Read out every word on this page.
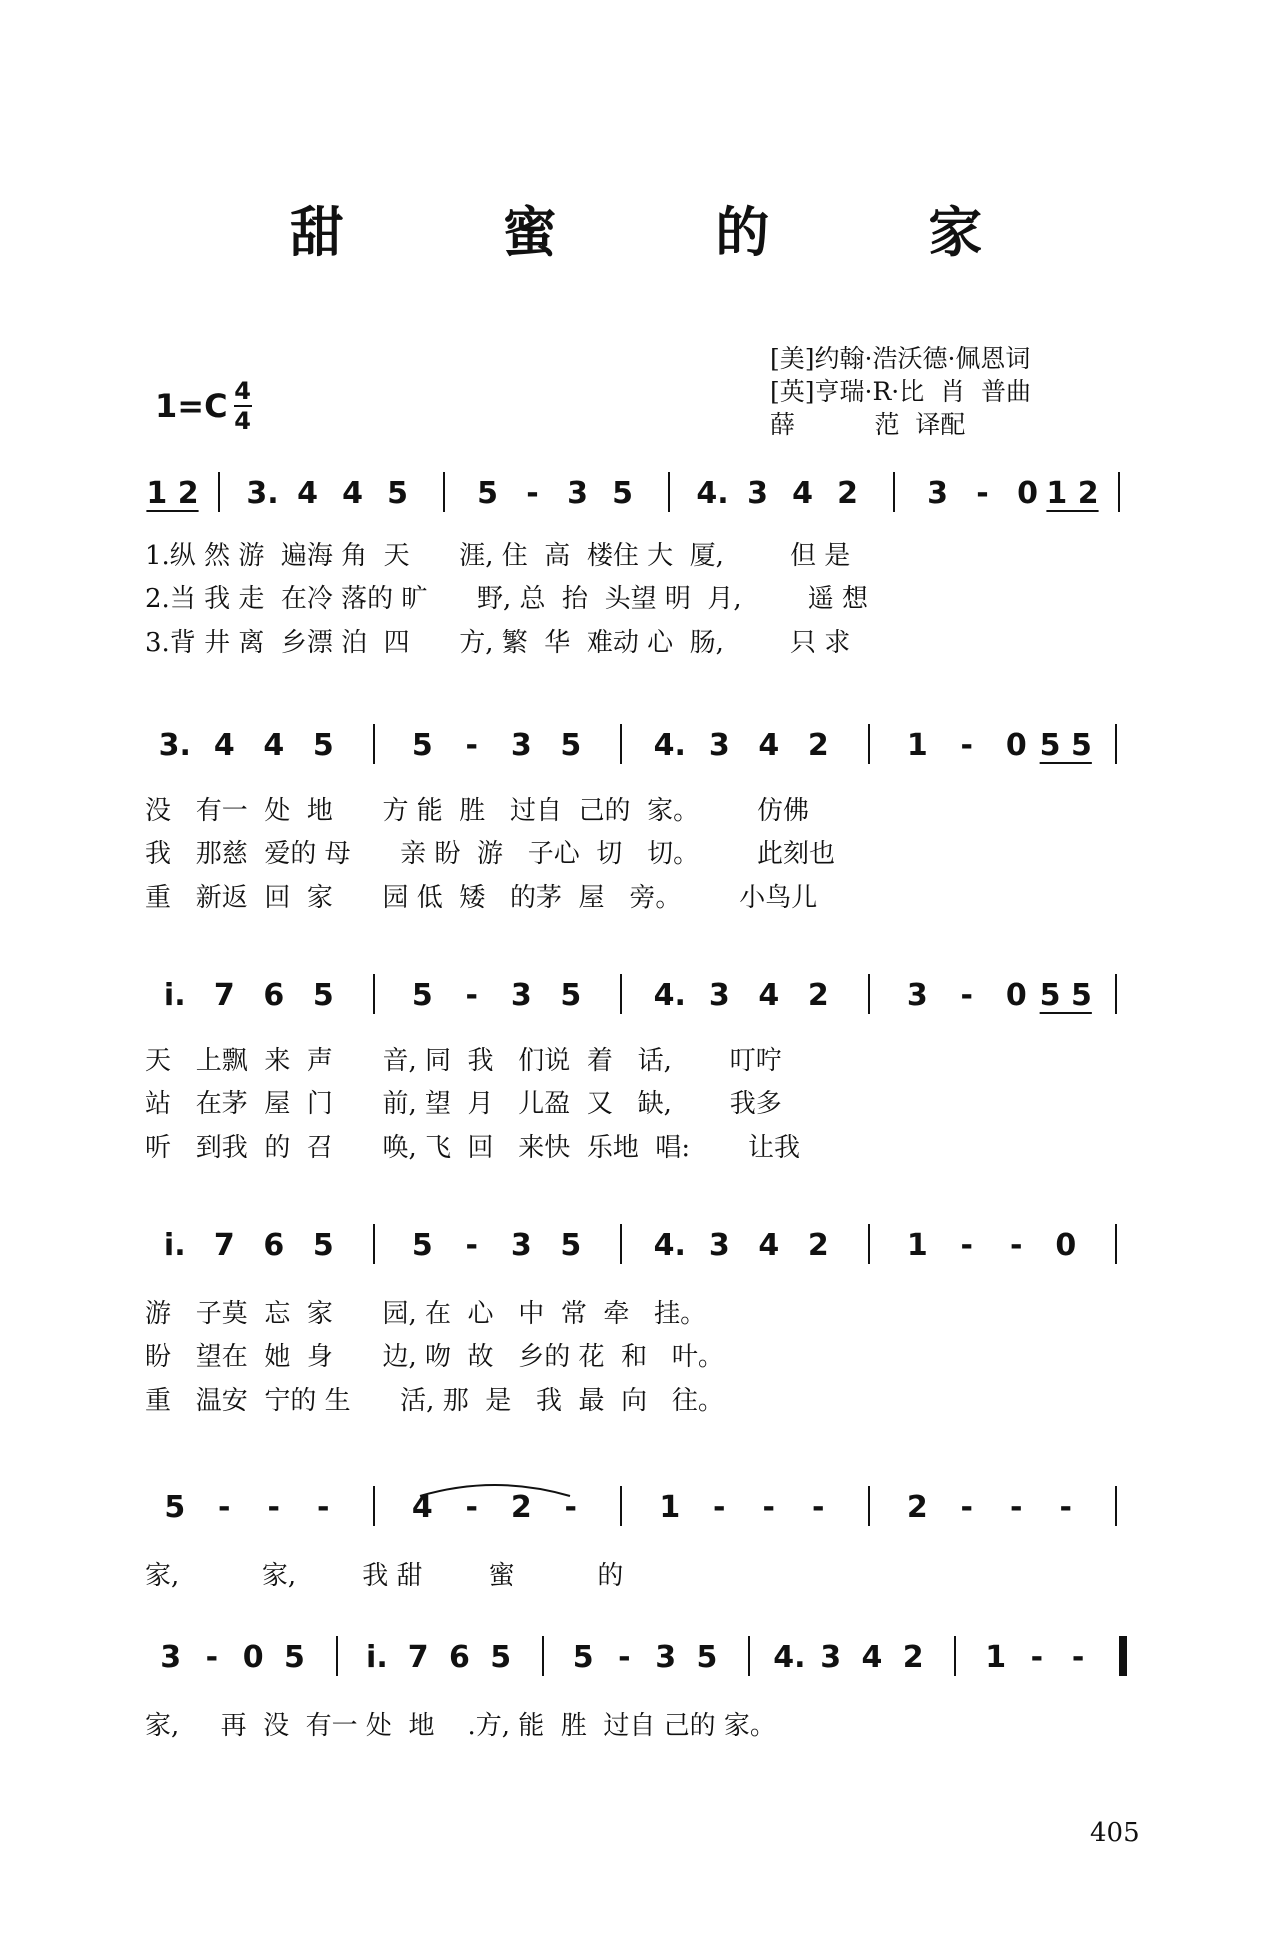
甜 蜜 的 家
$1=C \frac{4}{4}$
[美]约翰·浩沃德·佩恩词
[英]亨瑞·R·比  肖  普曲
薛          范  译配
1 2	3. 4 4 5	5 - 3 5	4. 3 4 2	3 - 0 1 2
1.纵 然 游  遍海 角  天      涯, 住  高  楼住 大  厦,        但 是
2.当 我 走  在冷 落的 旷      野, 总  抬  头望 明  月,        遥 想
3.背 井 离  乡漂 泊  四      方, 繁  华  难动 心  肠,        只 求
3. 4 4 5	5	-	3 5	4. 3 4 2	1	-	0 5 5
没   有一  处  地      方 能  胜   过自  己的  家。       仿佛
我   那慈  爱的 母      亲 盼  游   子心  切   切。       此刻也
重   新返  回  家      园 低  矮   的茅  屋   旁。       小鸟儿
i. 7 6 5	5	-	3 5	4. 3 4 2	3	-	0 5 5
天   上飘  来  声      音, 同  我   们说  着   话,       叮咛
站   在茅  屋  门      前, 望  月   儿盈  又   缺,       我多
听   到我  的  召      唤, 飞  回   来快  乐地  唱:       让我
i. 7 6 5	5	-	3 5	4. 3 4 2	1	-	-	0
游   子莫  忘  家      园, 在  心   中  常  牵   挂。
盼   望在  她  身      边, 吻  故   乡的 花  和   叶。
重   温安  宁的 生      活, 那  是   我  最  向   往。
5	-	-	-	4	-	2	-	1	-	-	-	2	-	-	-
家,          家,        我 甜        蜜          的
3 - 0 5	i. 7 6 5	5 - 3 5	4. 3 4 2	1 - -
家,     再  没  有一 处  地    .方, 能  胜  过自 己的 家。
405
